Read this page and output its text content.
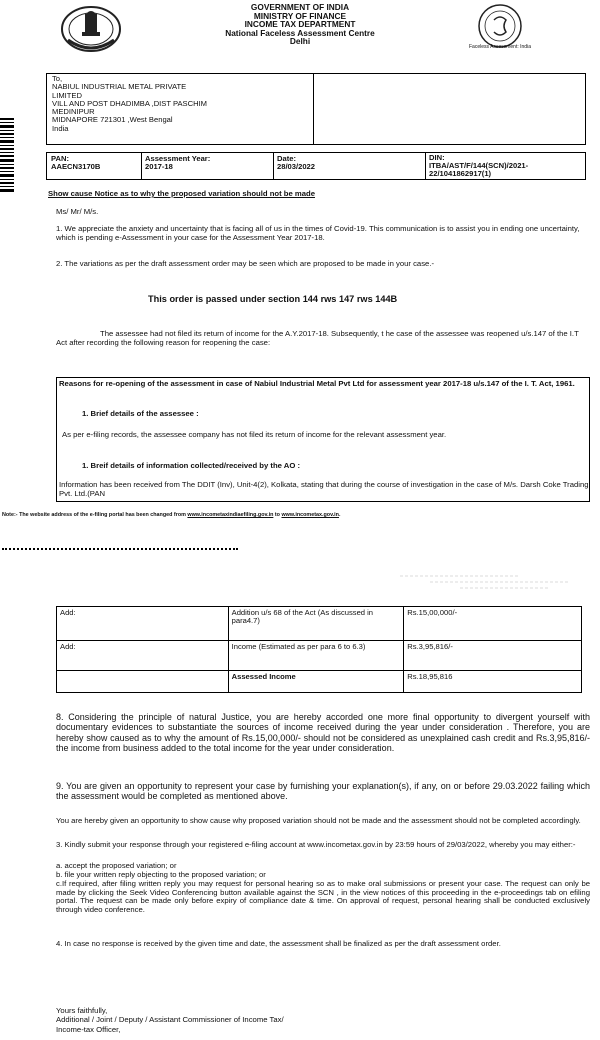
GOVERNMENT OF INDIA
MINISTRY OF FINANCE
INCOME TAX DEPARTMENT
National Faceless Assessment Centre
Delhi
Faceless Assessment: India
To,
NABIUL INDUSTRIAL METAL PRIVATE
LIMITED
VILL AND POST DHADIMBA ,DIST PASCHIM
MEDINIPUR
MIDNAPORE 721301 ,West Bengal
India
PAN:
AAECN3170B
Assessment Year:
2017-18
Date:
28/03/2022
DIN:
ITBA/AST/F/144(SCN)/2021-
22/1041862917(1)
Show cause Notice as to why the proposed variation should not be made
Ms/ Mr/ M/s.
1. We appreciate the anxiety and uncertainty that is facing all of us in the times of Covid-19. This communication is to assist you in ending one uncertainty, which is pending e-Assessment in your case for the Assessment Year 2017-18.
2. The variations as per the draft assessment order may be seen which are proposed to be made in your case.-
This order is passed under section 144 rws 147 rws 144B
The assessee had not filed its return of income for the A.Y.2017-18. Subsequently, t he case of the assessee was reopened u/s.147 of the I.T Act after recording the following reason for reopening the case:
Reasons for re-opening of the assessment in case of Nabiul Industrial Metal Pvt Ltd for assessment year 2017-18 u/s.147 of the I. T. Act, 1961.
1. Brief details of the assessee :
As per e-filing records, the assessee company has not filed its return of income for the relevant assessment year.
1. Breif details of information collected/received by the AO :
Information has been received from The DDIT (Inv), Unit-4(2), Kolkata, stating that during the course of investigation in the case of M/s. Darsh Coke Trading Pvt. Ltd.(PAN
Note:- The website address of the e-filing portal has been changed from www.incometaxindiaefiling.gov.in to www.incometax.gov.in.
Add:	Addition u/s 68 of the Act (As discussed in para4.7)	Rs.15,00,000/-
Add:	Income (Estimated as per para 6 to 6.3)	Rs.3,95,816/-
	Assessed Income	Rs.18,95,816
8. Considering the principle of natural Justice, you are hereby accorded one more final opportunity to divergent yourself with documentary evidences to substantiate the sources of income received during the year under consideration . Therefore, you are hereby show caused as to why the amount of Rs.15,00,000/- should not be considered as unexplained cash credit and Rs.3,95,816/- the income from business added to the total income for the year under consideration.
9. You are given an opportunity to represent your case by furnishing your explanation(s), if any, on or before 29.03.2022 failing which the assessment would be completed as mentioned above.
You are hereby given an opportunity to show cause why proposed variation should not be made and the assessment should not be completed accordingly.
3. Kindly submit your response through your registered e-filing account at www.incometax.gov.in by 23:59 hours of 29/03/2022, whereby you may either:-
a. accept the proposed variation; or
b. file your written reply objecting to the proposed variation; or
c.If required, after filing written reply you may request for personal hearing so as to make oral submissions or present your case. The request can only be made by clicking the Seek Video Conferencing button available against the SCN , in the view notices of this proceeding in the e-proceedings tab on efiling portal. The request can be made only before expiry of compliance date & time. On approval of request, personal hearing shall be conducted exclusively through video conference.
4. In case no response is received by the given time and date, the assessment shall be finalized as per the draft assessment order.
Yours faithfully,
Additional / Joint / Deputy / Assistant Commissioner of Income Tax/
Income-tax Officer,
